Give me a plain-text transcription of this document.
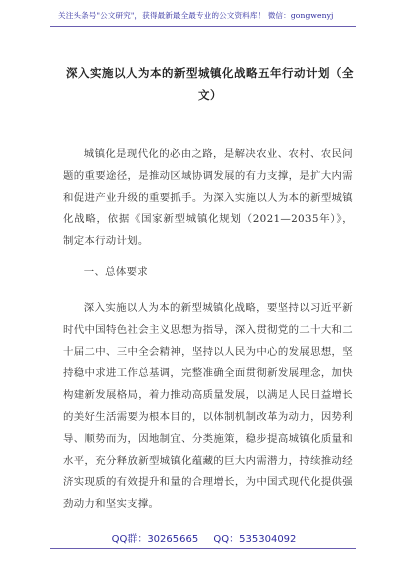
关注头条号"公文研究"，获得最新最全最专业的公文资料库！ 微信：gongwenyj
深入实施以人为本的新型城镇化战略五年行动计划（全文）
城镇化是现代化的必由之路，是解决农业、农村、农民问题的重要途径，是推动区域协调发展的有力支撑，是扩大内需和促进产业升级的重要抓手。为深入实施以人为本的新型城镇化战略，依据《国家新型城镇化规划（2021—2035年）》，制定本行动计划。
一、总体要求
深入实施以人为本的新型城镇化战略，要坚持以习近平新时代中国特色社会主义思想为指导，深入贯彻党的二十大和二十届二中、三中全会精神，坚持以人民为中心的发展思想，坚持稳中求进工作总基调，完整准确全面贯彻新发展理念，加快构建新发展格局，着力推动高质量发展，以满足人民日益增长的美好生活需要为根本目的，以体制机制改革为动力，因势利导、顺势而为，因地制宜、分类施策，稳步提高城镇化质量和水平，充分释放新型城镇化蕴藏的巨大内需潜力，持续推动经济实现质的有效提升和量的合理增长，为中国式现代化提供强劲动力和坚实支撑。
QQ群：30265665 QQ：535304092
